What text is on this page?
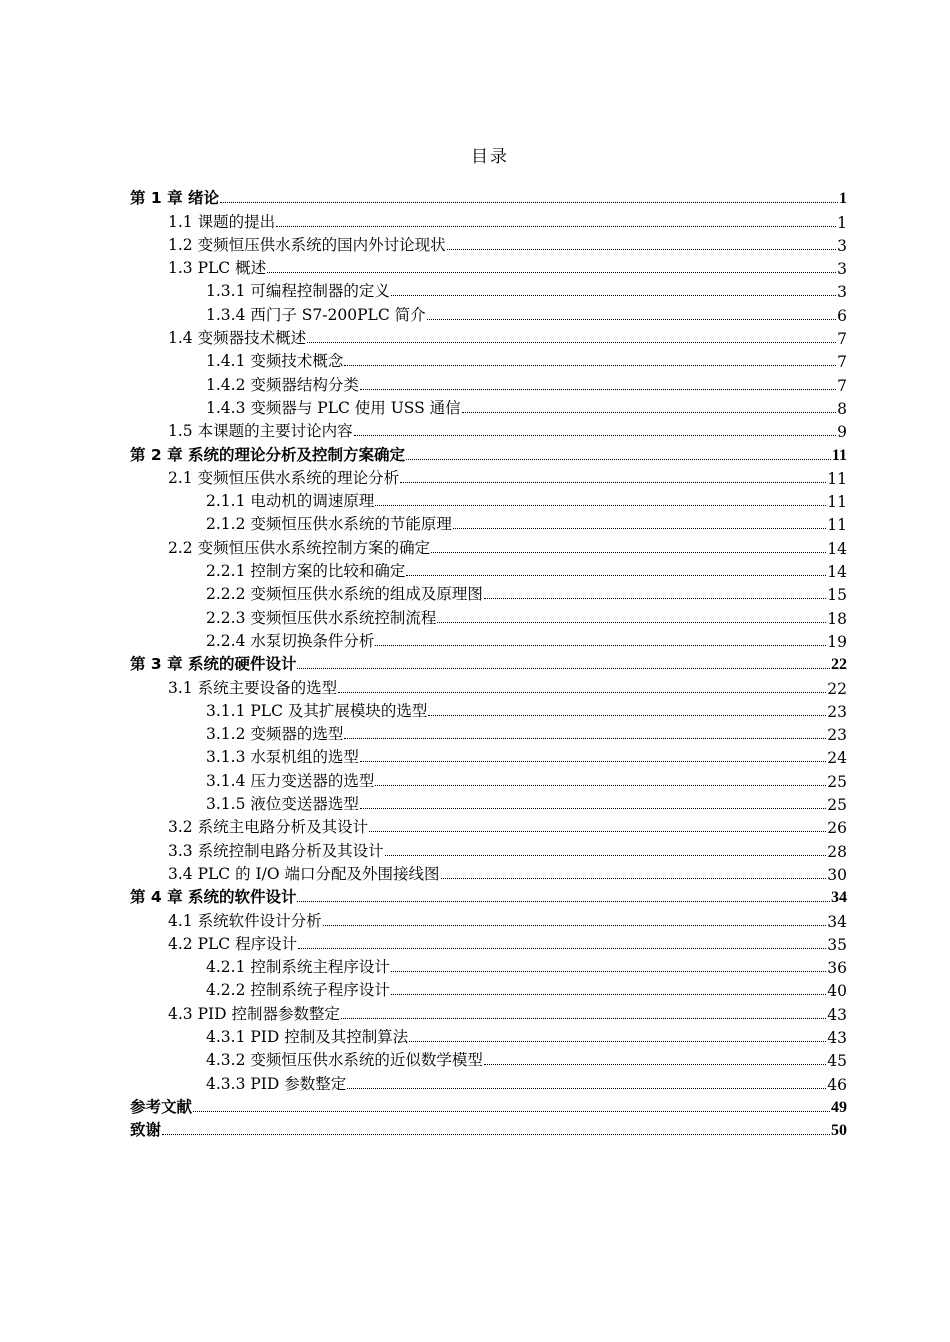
目录
第 1 章 绪论	1
1.1 课题的提出	1
1.2 变频恒压供水系统的国内外讨论现状	3
1.3 PLC 概述	3
1.3.1 可编程控制器的定义	3
1.3.4 西门子 S7-200PLC 简介	6
1.4 变频器技术概述	7
1.4.1 变频技术概念	7
1.4.2 变频器结构分类	7
1.4.3 变频器与 PLC 使用 USS 通信	8
1.5 本课题的主要讨论内容	9
第 2 章 系统的理论分析及控制方案确定	11
2.1 变频恒压供水系统的理论分析	11
2.1.1 电动机的调速原理	11
2.1.2 变频恒压供水系统的节能原理	11
2.2 变频恒压供水系统控制方案的确定	14
2.2.1 控制方案的比较和确定	14
2.2.2 变频恒压供水系统的组成及原理图	15
2.2.3 变频恒压供水系统控制流程	18
2.2.4 水泵切换条件分析	19
第 3 章 系统的硬件设计	22
3.1 系统主要设备的选型	22
3.1.1 PLC 及其扩展模块的选型	23
3.1.2 变频器的选型	23
3.1.3 水泵机组的选型	24
3.1.4 压力变送器的选型	25
3.1.5 液位变送器选型	25
3.2 系统主电路分析及其设计	26
3.3 系统控制电路分析及其设计	28
3.4 PLC 的 I/O 端口分配及外围接线图	30
第 4 章 系统的软件设计	34
4.1 系统软件设计分析	34
4.2 PLC 程序设计	35
4.2.1 控制系统主程序设计	36
4.2.2 控制系统子程序设计	40
4.3 PID 控制器参数整定	43
4.3.1 PID 控制及其控制算法	43
4.3.2 变频恒压供水系统的近似数学模型	45
4.3.3 PID 参数整定	46
参考文献	49
致谢	50
